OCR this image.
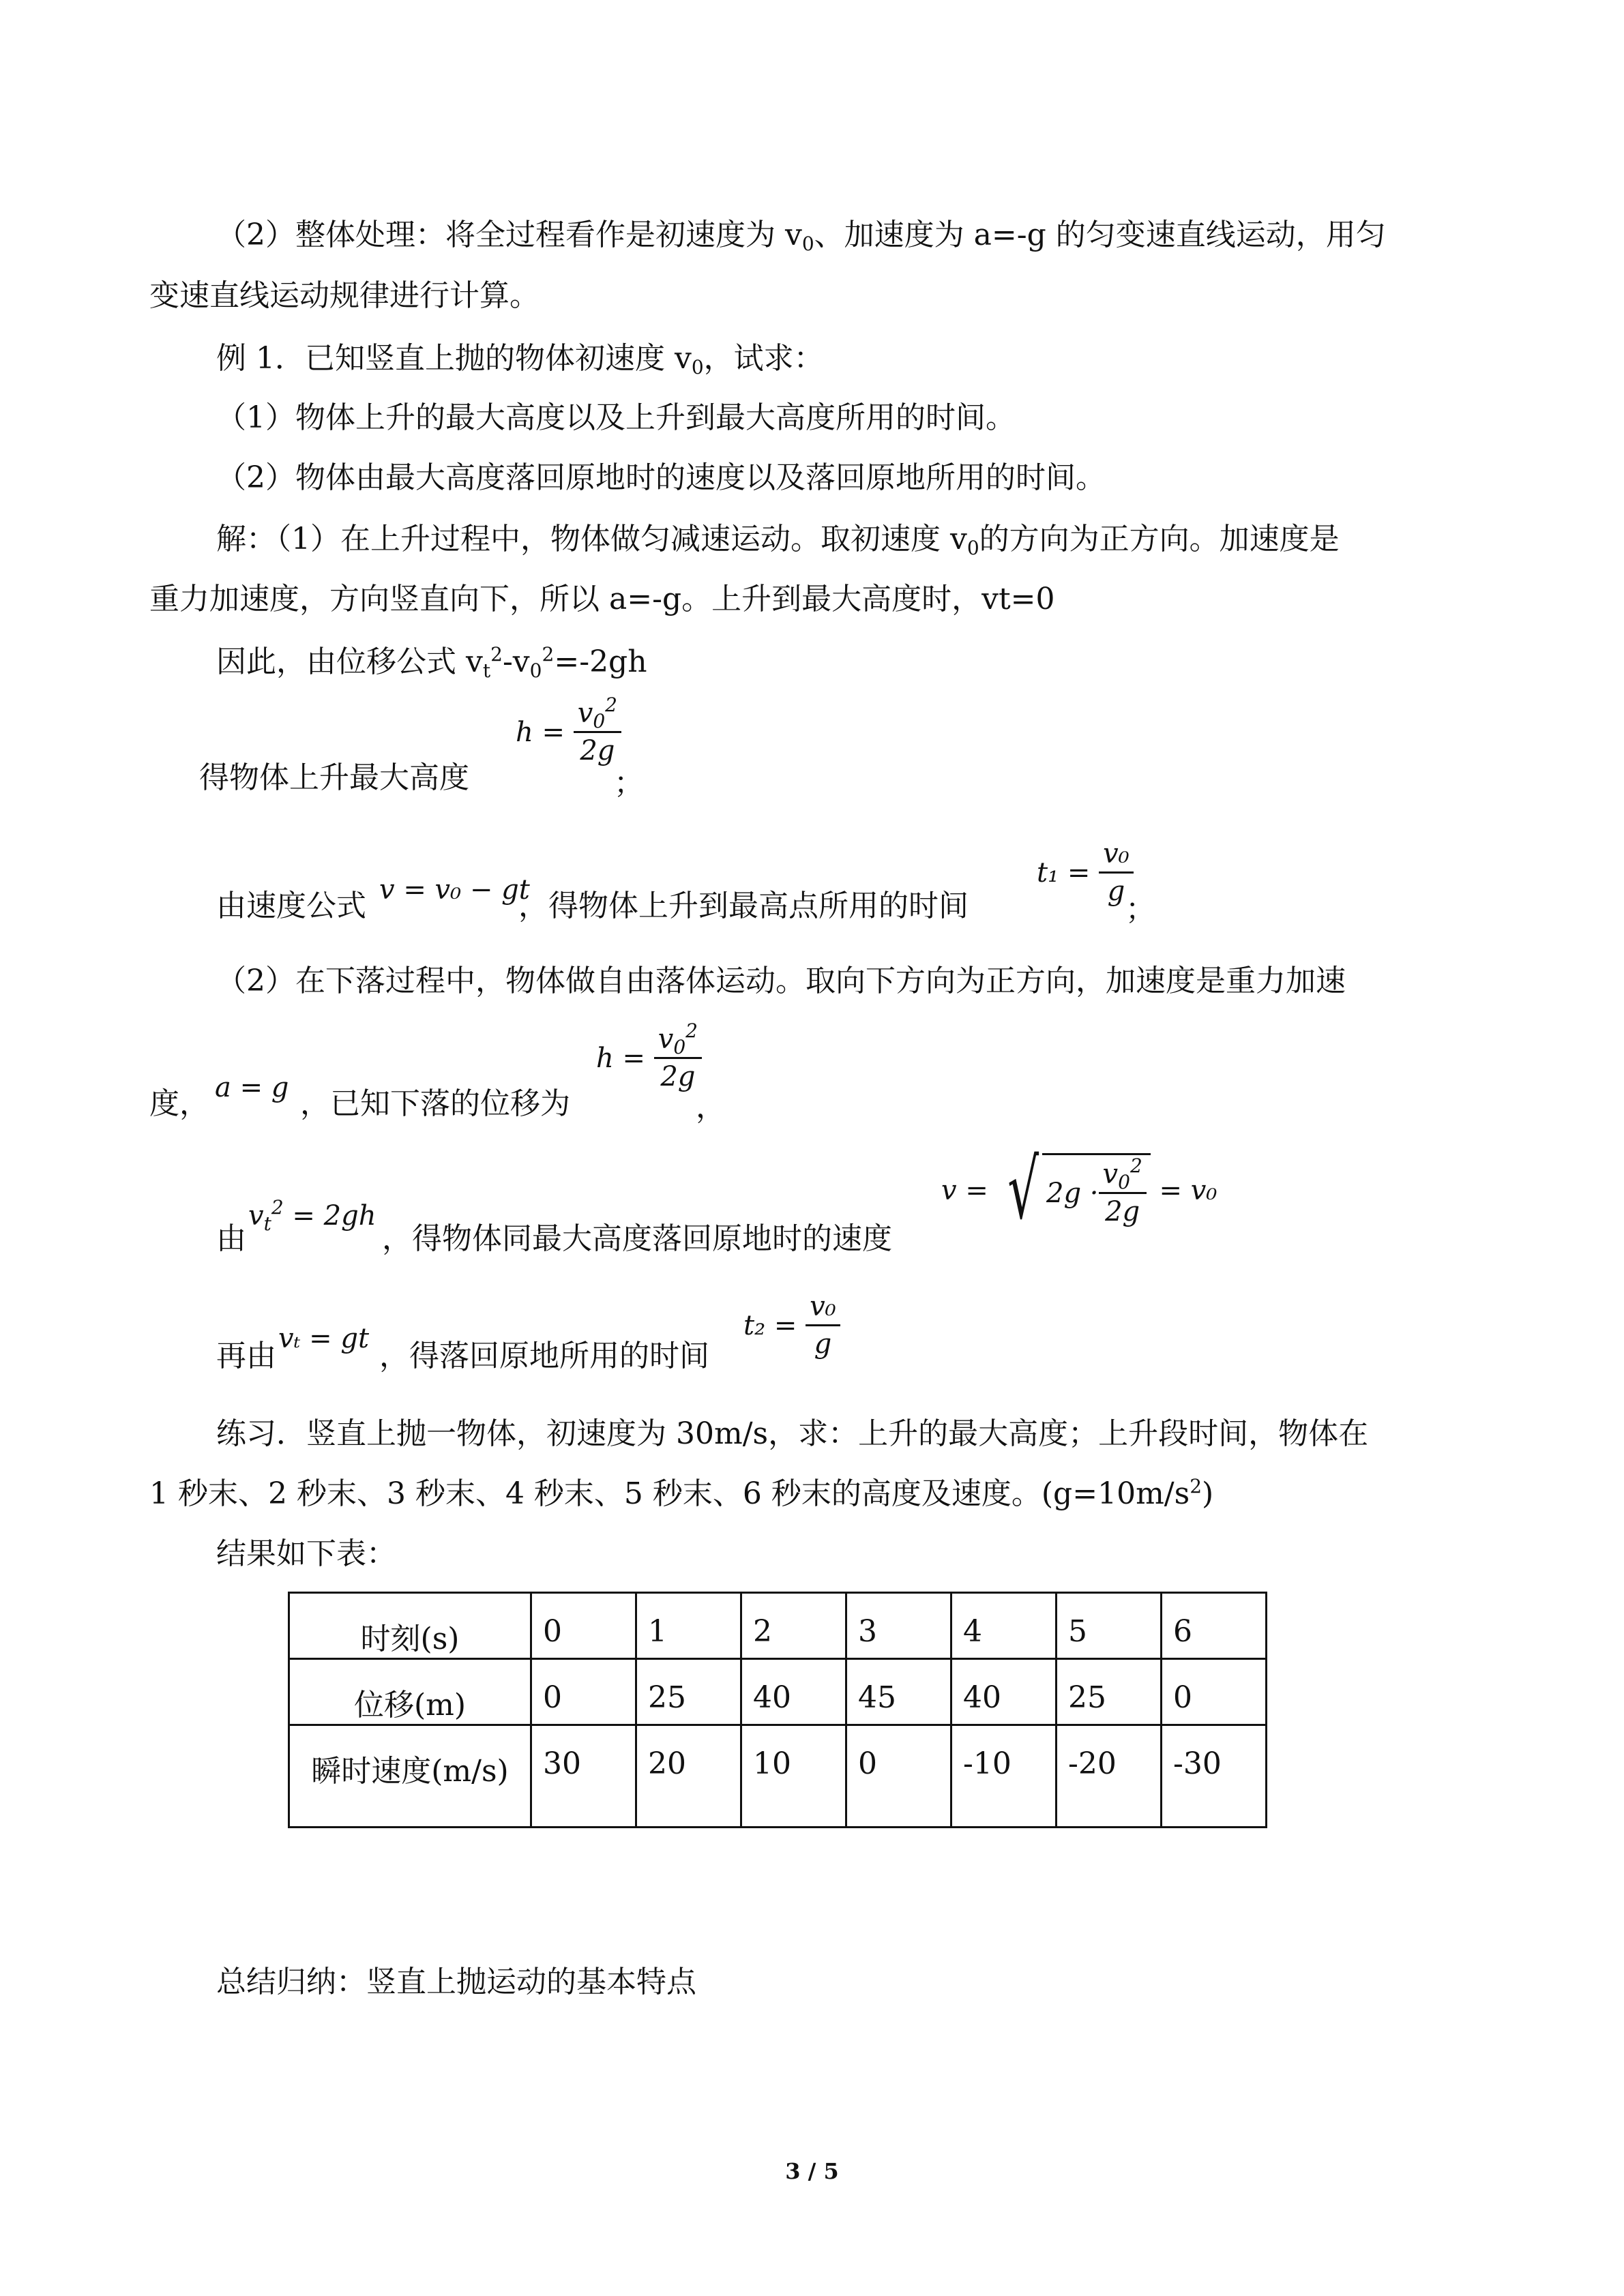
（2）整体处理：将全过程看作是初速度为 $v_0$、加速度为 a=-g 的匀变速直线运动，用匀
变速直线运动规律进行计算。
例 1．已知竖直上抛的物体初速度 $v_0$，试求：
（1）物体上升的最大高度以及上升到最大高度所用的时间。
（2）物体由最大高度落回原地时的速度以及落回原地所用的时间。
解：（1）在上升过程中，物体做匀减速运动。取初速度 $v_0$的方向为正方向。加速度是
重力加速度，方向竖直向下，所以 a=-g。上升到最大高度时，vt=0
因此，由位移公式 $v_t^2-v_0^2=-2gh$
得物体上升最大高度
$h = \frac{v_0^2}{2g}$
；
由速度公式 v = v₀ − gt
，得物体上升到最高点所用的时间
$t_1 = \frac{\text{v₀}}{g}$
；
（2）在下落过程中，物体做自由落体运动。取向下方向为正方向，加速度是重力加速
度， a = g ，已知下落的位移为
$h = \frac{v_0^2}{2g}$
，
由
$v_t^2 = 2gh$
，得物体同最大高度落回原地时的速度
v = √ $2g \cdot \frac{v_0^2}{2g} = v_0$
再由 vₜ = gt ，得落回原地所用的时间
$t_2 = \frac{\text{v₀}}{g}$
练习．竖直上抛一物体，初速度为 30m/s，求：上升的最大高度；上升段时间，物体在
1 秒末、2 秒末、3 秒末、4 秒末、5 秒末、6 秒末的高度及速度。$(g=10m/s^2)$
结果如下表：
时刻(s)	0	1	2	3	4	5	6
位移(m)	0	25	40	45	40	25	0
瞬时速度(m/s)	30	20	10	0	-10	-20	-30
总结归纳：竖直上抛运动的基本特点
3 / 5
